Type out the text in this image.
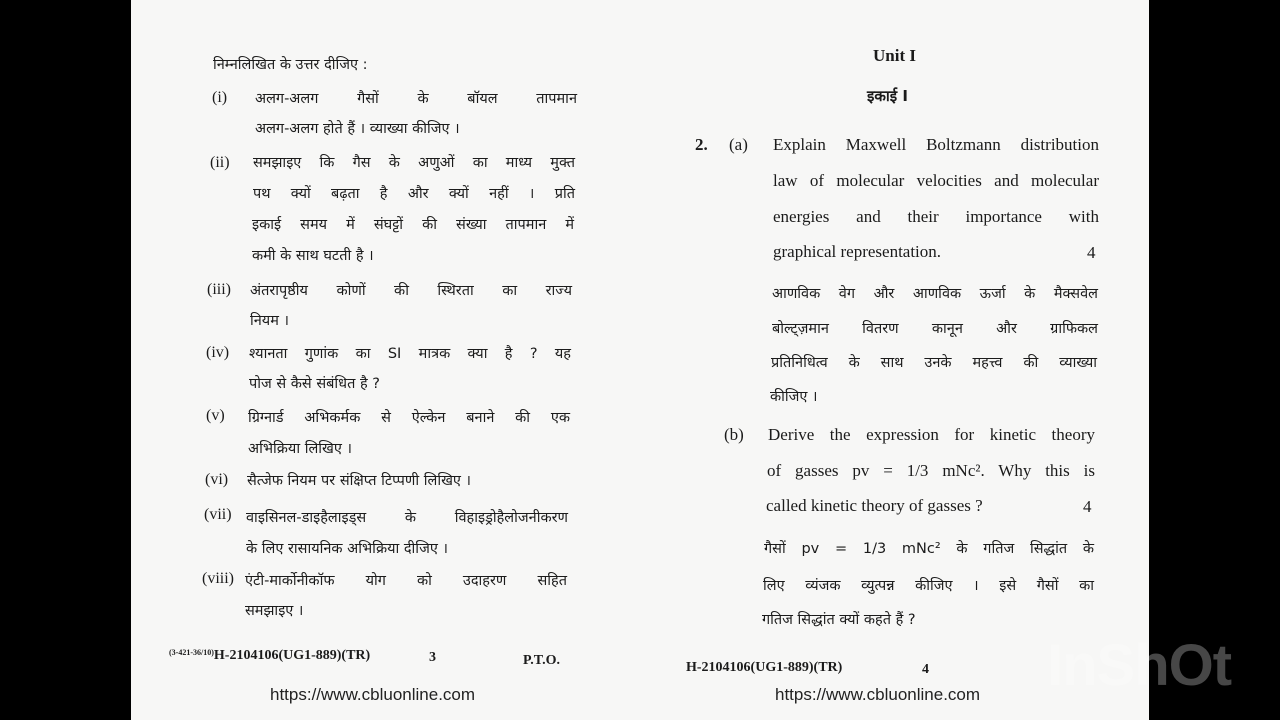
निम्नलिखित के उत्तर दीजिए :
(i) अलग-अलग गैसों के बॉयल तापमान
अलग-अलग होते हैं । व्याख्या कीजिए ।
(ii) समझाइए कि गैस के अणुओं का माध्य मुक्त
पथ क्यों बढ़ता है और क्यों नहीं । प्रति
इकाई समय में संघट्टों की संख्या तापमान में
कमी के साथ घटती है ।
(iii) अंतरापृष्ठीय कोणों की स्थिरता का राज्य
नियम ।
(iv) श्यानता गुणांक का SI मात्रक क्या है ? यह
पोज से कैसे संबंधित है ?
(v) ग्रिग्नार्ड अभिकर्मक से ऐल्केन बनाने की एक
अभिक्रिया लिखिए ।
(vi) सैत्जेफ नियम पर संक्षिप्त टिप्पणी लिखिए ।
(vii) वाइसिनल-डाइहैलाइड्स के विहाइड्रोहैलोजनीकरण
के लिए रासायनिक अभिक्रिया दीजिए ।
(viii) एंटी-मार्कोनीकॉफ योग को उदाहरण सहित
समझाइए ।
$^{(3-421-36/10)}$H-2104106(UG1-889)(TR)	3	P.T.O.
https://www.cbluonline.com
Unit I
इकाई I
2. (a) Explain Maxwell Boltzmann distribution
law of molecular velocities and molecular
energies and their importance with
graphical representation.	4
आणविक वेग और आणविक ऊर्जा के मैक्सवेल
बोल्ट्ज़मान वितरण कानून और ग्राफिकल
प्रतिनिधित्व के साथ उनके महत्त्व की व्याख्या
कीजिए ।
(b) Derive the expression for kinetic theory
of gasses pv = 1/3 mNc². Why this is
called kinetic theory of gasses ?	4
गैसों pv = 1/3 mNc² के गतिज सिद्धांत के
लिए व्यंजक व्युत्पन्न कीजिए । इसे गैसों का
गतिज सिद्धांत क्यों कहते हैं ?
H-2104106(UG1-889)(TR)	4
https://www.cbluonline.com InShOt
